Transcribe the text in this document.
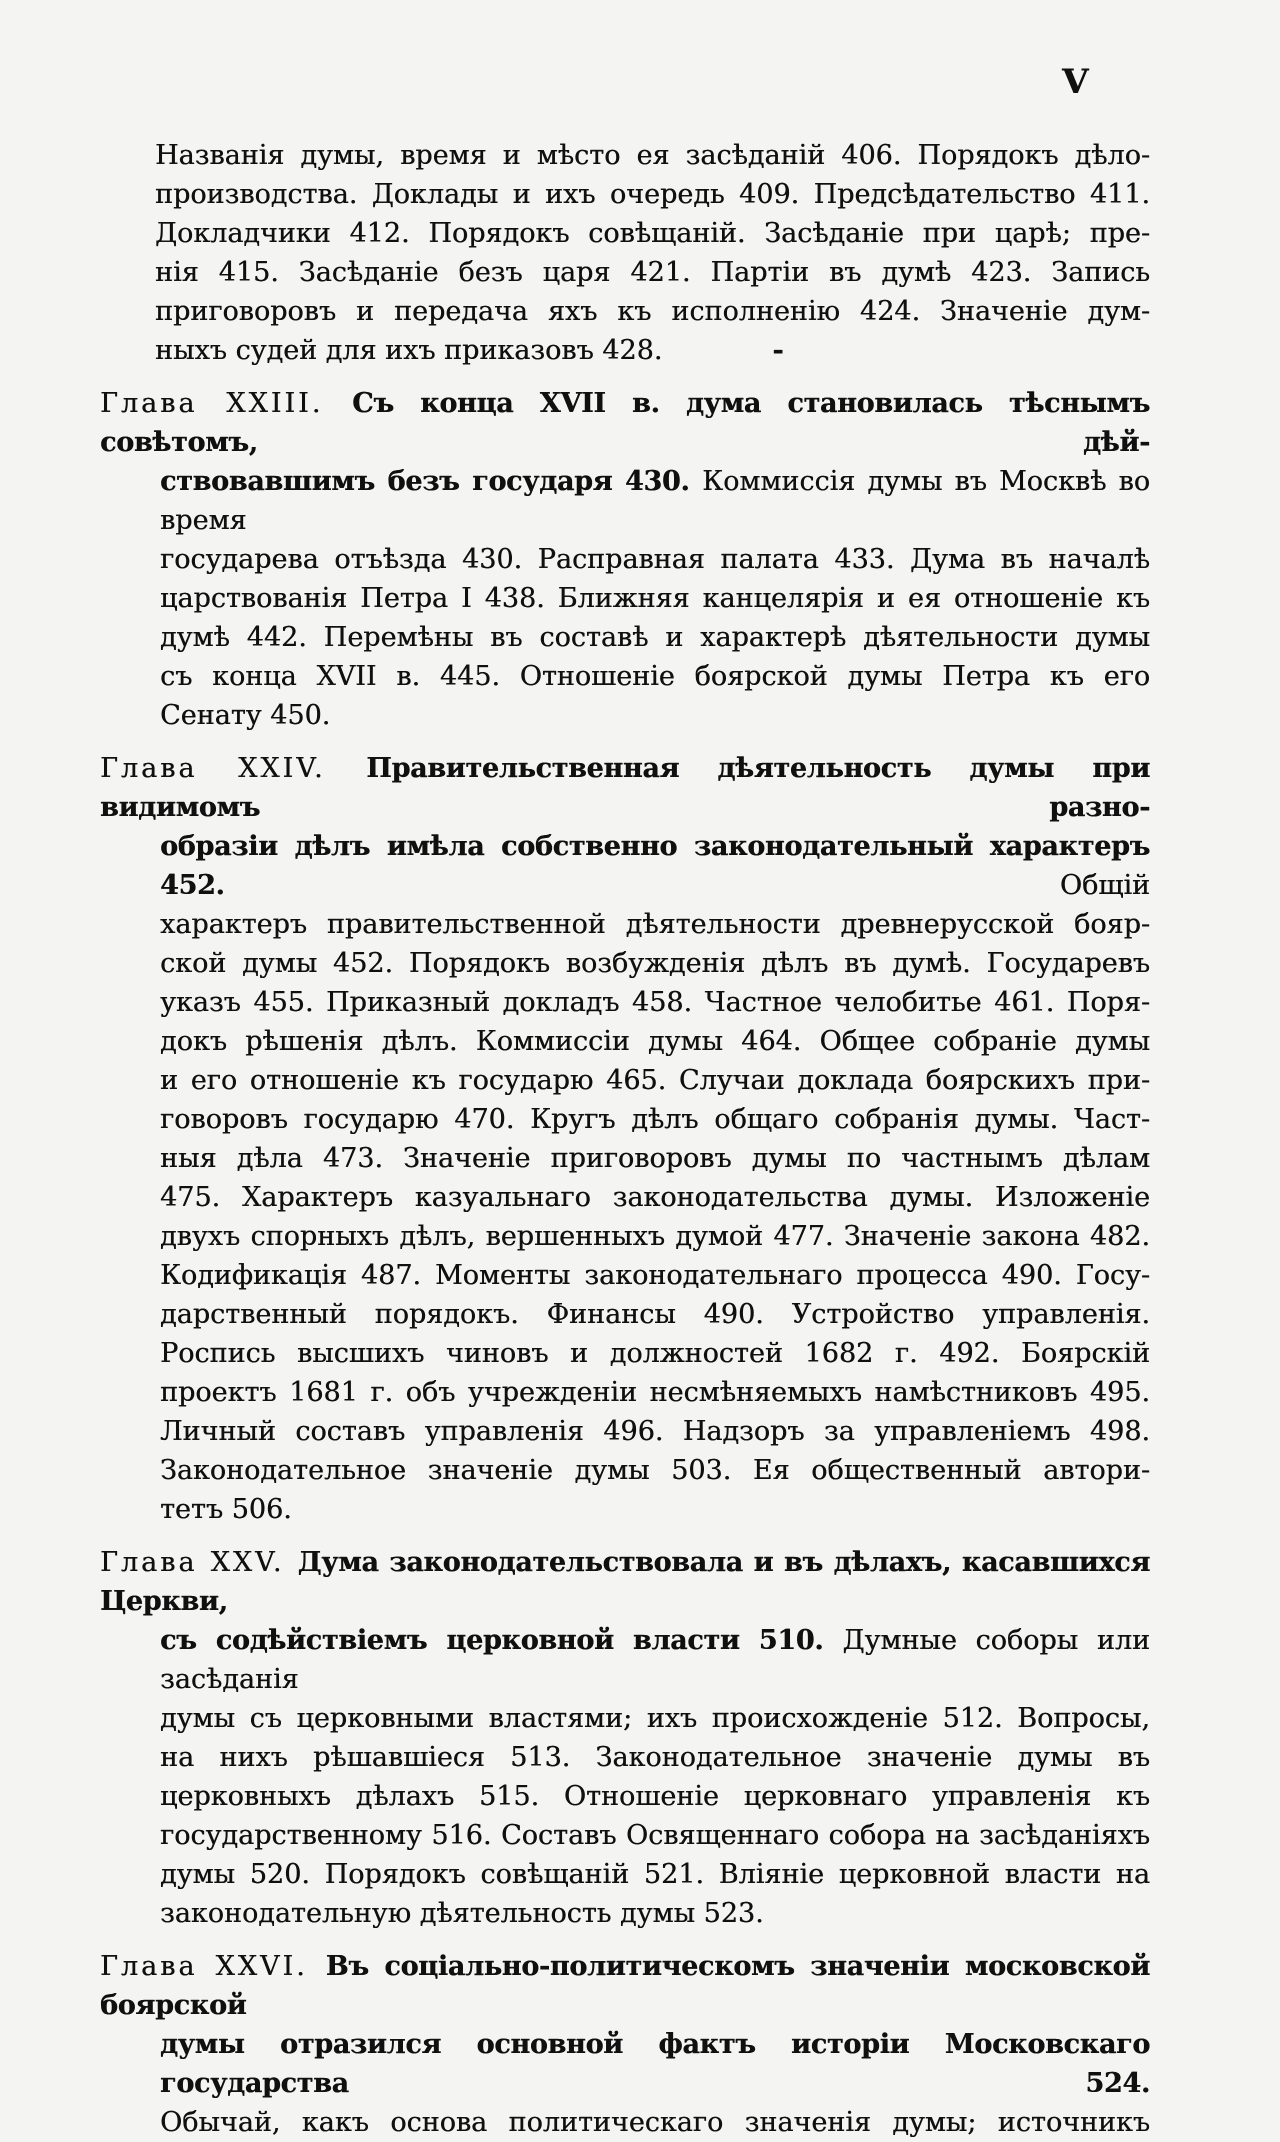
V
Названія думы, время и мѣсто ея засѣданій 406. Порядокъ дѣло-
производства. Доклады и ихъ очередь 409. Предсѣдательство 411.
Докладчики 412. Порядокъ совѣщаній. Засѣданіе при царѣ; пре-
нія 415. Засѣданіе безъ царя 421. Партіи въ думѣ 423. Запись
приговоровъ и передача яхъ къ исполненію 424. Значеніе дум-
ныхъ судей для ихъ приказовъ 428.	-
Глава XXIII. Съ конца XVII в. дума становилась тѣснымъ совѣтомъ, дѣй-
ствовавшимъ безъ государя 430. Коммиссія думы въ Москвѣ во время
государева отъѣзда 430. Расправная палата 433. Дума въ началѣ
царствованія Петра I 438. Ближняя канцелярія и ея отношеніе къ
думѣ 442. Перемѣны въ составѣ и характерѣ дѣятельности думы
съ конца XVII в. 445. Отношеніе боярской думы Петра къ его
Сенату 450.
Глава XXIV. Правительственная дѣятельность думы при видимомъ разно-
образіи дѣлъ имѣла собственно законодательный характеръ 452. Общій
характеръ правительственной дѣятельности древнерусской бояр-
ской думы 452. Порядокъ возбужденія дѣлъ въ думѣ. Государевъ
указъ 455. Приказный докладъ 458. Частное челобитье 461. Поря-
докъ рѣшенія дѣлъ. Коммиссіи думы 464. Общее собраніе думы
и его отношеніе къ государю 465. Случаи доклада боярскихъ при-
говоровъ государю 470. Кругъ дѣлъ общаго собранія думы. Част-
ныя дѣла 473. Значеніе приговоровъ думы по частнымъ дѣлам
475. Характеръ казуальнаго законодательства думы. Изложеніе
двухъ спорныхъ дѣлъ, вершенныхъ думой 477. Значеніе закона 482.
Кодификація 487. Моменты законодательнаго процесса 490. Госу-
дарственный порядокъ. Финансы 490. Устройство управленія.
Роспись высшихъ чиновъ и должностей 1682 г. 492. Боярскій
проектъ 1681 г. объ учрежденіи несмѣняемыхъ намѣстниковъ 495.
Личный составъ управленія 496. Надзоръ за управленіемъ 498.
Законодательное значеніе думы 503. Ея общественный автори-
тетъ 506.
Глава XXV. Дума законодательствовала и въ дѣлахъ, касавшихся Церкви,
съ содѣйствіемъ церковной власти 510. Думные соборы или засѣданія
думы съ церковными властями; ихъ происхожденіе 512. Вопросы,
на нихъ рѣшавшіеся 513. Законодательное значеніе думы въ
церковныхъ дѣлахъ 515. Отношеніе церковнаго управленія къ
государственному 516. Составъ Освященнаго собора на засѣданіяхъ
думы 520. Порядокъ совѣщаній 521. Вліяніе церковной власти на
законодательную дѣятельность думы 523.
Глава XXVI. Въ соціально-политическомъ значеніи московской боярской
думы отразился основной фактъ исторіи Московскаго государства 524.
Обычай, какъ основа политическаго значенія думы; источникъ
